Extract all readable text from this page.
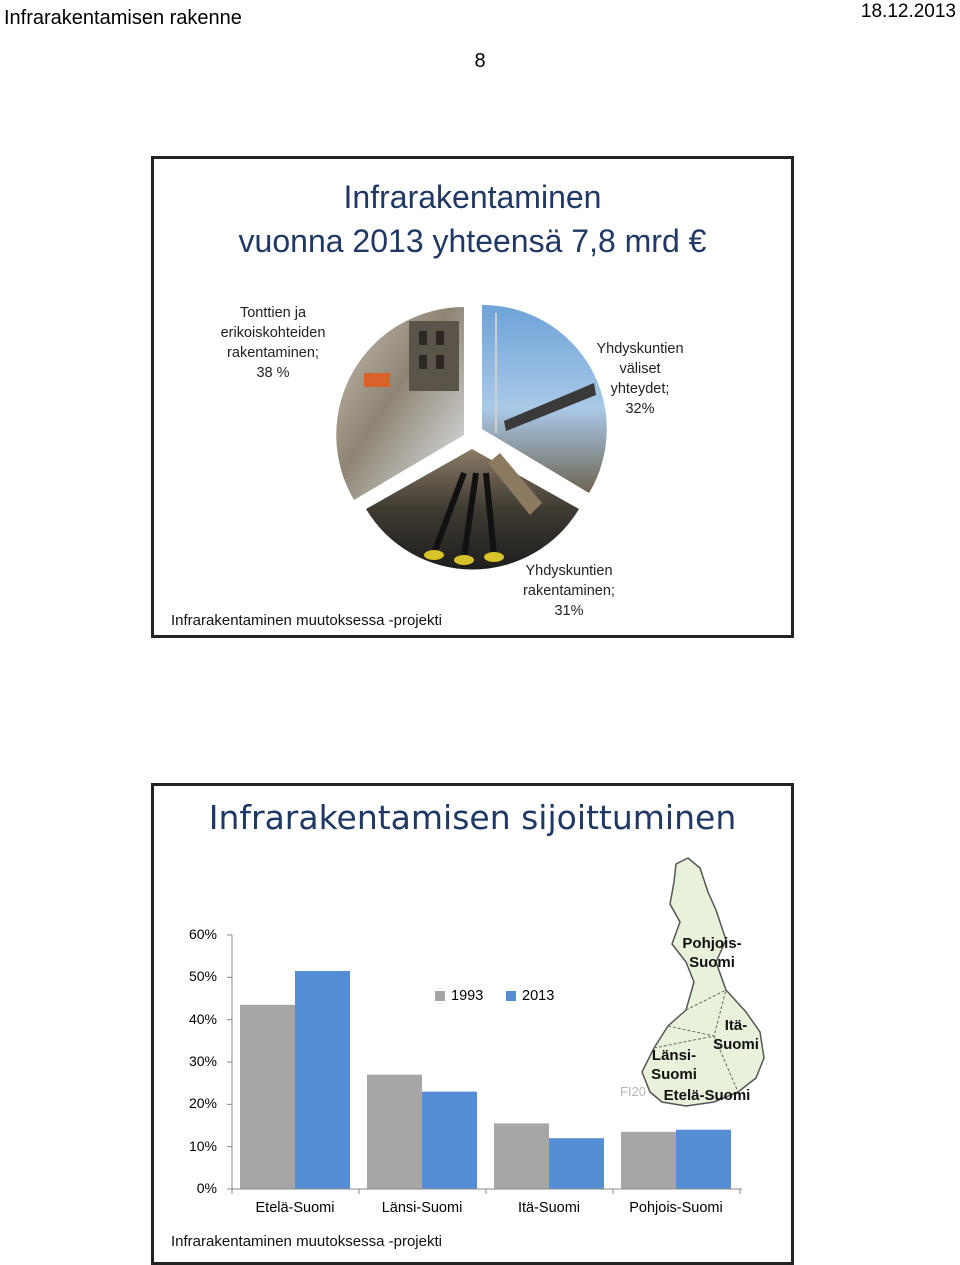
Infrarakentamisen rakenne	18.12.2013
8
Infrarakentaminen
vuonna 2013 yhteensä 7,8 mrd €
Tonttien ja
erikoiskohteiden
rakentaminen;
38 %
Yhdyskuntien
väliset
yhteydet;
32%
Yhdyskuntien
rakentaminen;
31%
Infrarakentaminen muutoksessa -projekti
Infrarakentamisen sijoittuminen
Pohjois-
Suomi
Itä-
Suomi
Länsi-
Suomi
Etelä-Suomi
FI20
60%
50%
40%
30%
20%
10%
0%
Etelä-Suomi	Länsi-Suomi	Itä-Suomi	Pohjois-Suomi
1993	2013
Infrarakentaminen muutoksessa -projekti
